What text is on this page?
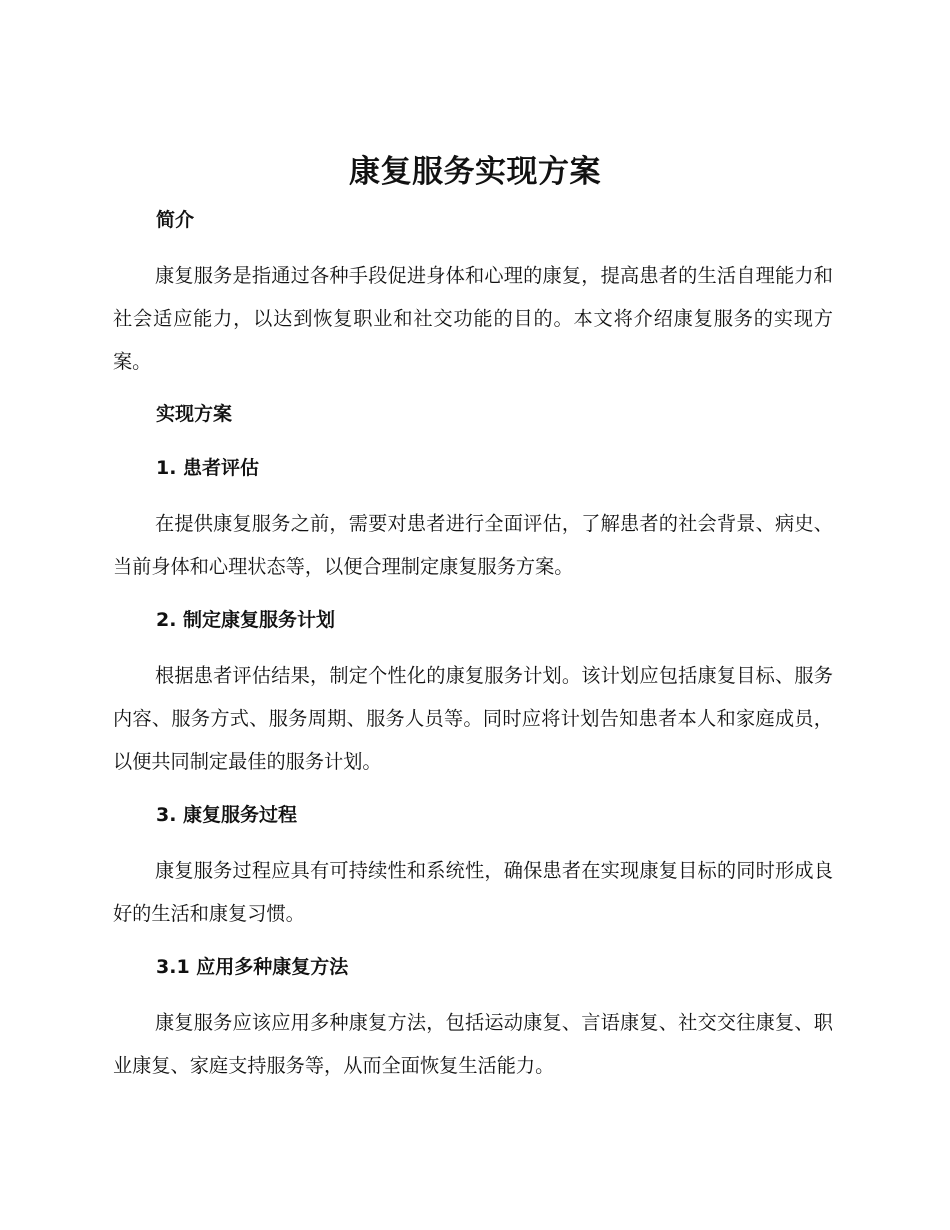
康复服务实现方案
简介

康复服务是指通过各种手段促进身体和心理的康复，提高患者的生活自理能力和社会适应能力，以达到恢复职业和社交功能的目的。本文将介绍康复服务的实现方案。

实现方案
1. 患者评估

在提供康复服务之前，需要对患者进行全面评估，了解患者的社会背景、病史、当前身体和心理状态等，以便合理制定康复服务方案。

2. 制定康复服务计划

根据患者评估结果，制定个性化的康复服务计划。该计划应包括康复目标、服务内容、服务方式、服务周期、服务人员等。同时应将计划告知患者本人和家庭成员，以便共同制定最佳的服务计划。

3. 康复服务过程

康复服务过程应具有可持续性和系统性，确保患者在实现康复目标的同时形成良好的生活和康复习惯。

3.1 应用多种康复方法

康复服务应该应用多种康复方法，包括运动康复、言语康复、社交交往康复、职业康复、家庭支持服务等，从而全面恢复生活能力。
